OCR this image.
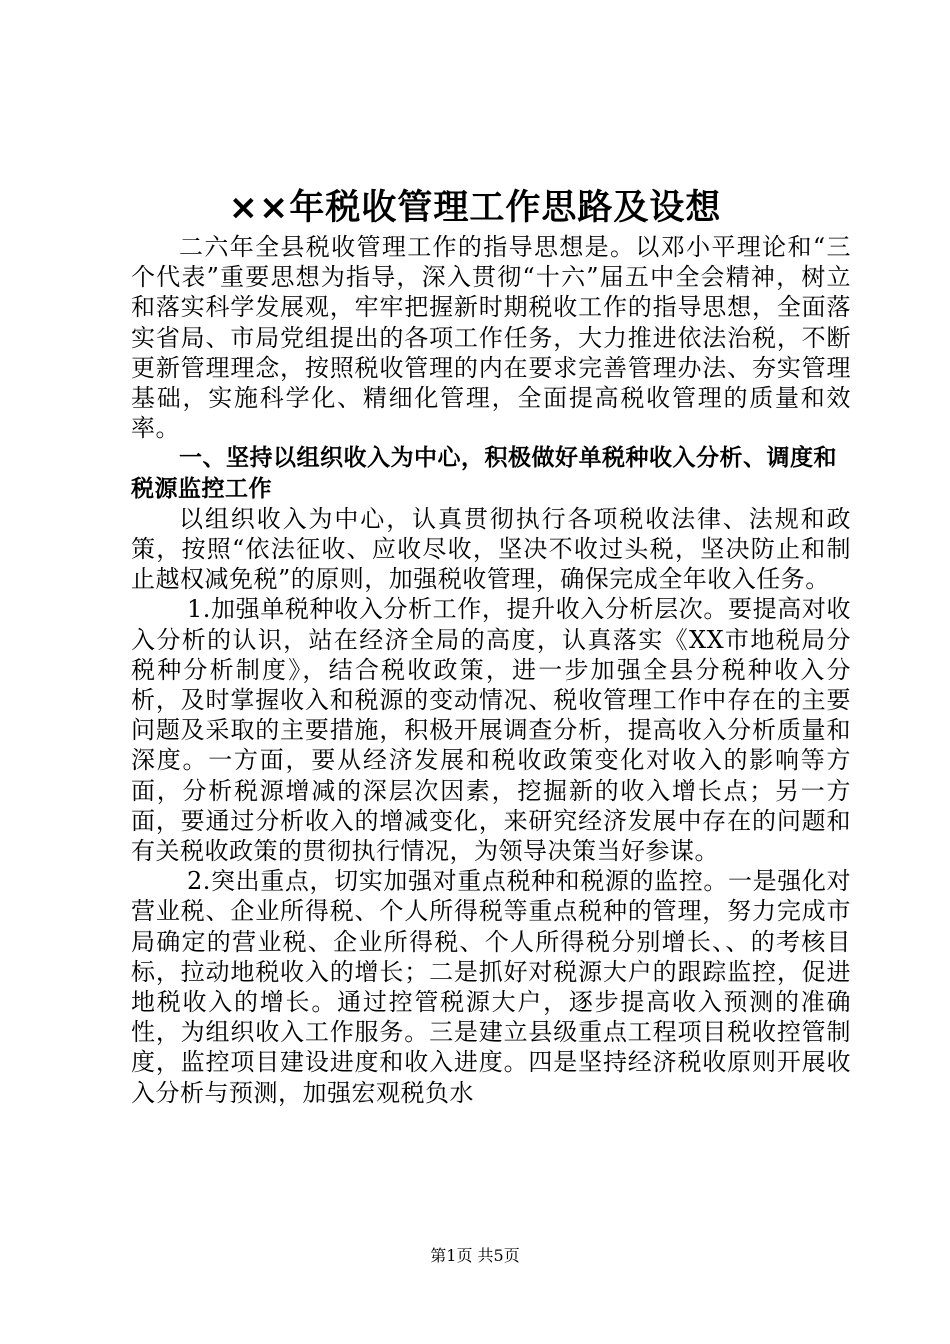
××年税收管理工作思路及设想

二六年全县税收管理工作的指导思想是。以邓小平理论和“三个代表”重要思想为指导，深入贯彻“十六”届五中全会精神，树立和落实科学发展观，牢牢把握新时期税收工作的指导思想，全面落实省局、市局党组提出的各项工作任务，大力推进依法治税，不断更新管理理念，按照税收管理的内在要求完善管理办法、夯实管理基础，实施科学化、精细化管理，全面提高税收管理的质量和效率。

一、坚持以组织收入为中心，积极做好单税种收入分析、调度和税源监控工作

以组织收入为中心，认真贯彻执行各项税收法律、法规和政策，按照“依法征收、应收尽收，坚决不收过头税，坚决防止和制止越权减免税”的原则，加强税收管理，确保完成全年收入任务。

1.加强单税种收入分析工作，提升收入分析层次。要提高对收入分析的认识，站在经济全局的高度，认真落实《XX市地税局分税种分析制度》，结合税收政策，进一步加强全县分税种收入分析，及时掌握收入和税源的变动情况、税收管理工作中存在的主要问题及采取的主要措施，积极开展调查分析，提高收入分析质量和深度。一方面，要从经济发展和税收政策变化对收入的影响等方面，分析税源增减的深层次因素，挖掘新的收入增长点；另一方面，要通过分析收入的增减变化，来研究经济发展中存在的问题和有关税收政策的贯彻执行情况，为领导决策当好参谋。

2.突出重点，切实加强对重点税种和税源的监控。一是强化对营业税、企业所得税、个人所得税等重点税种的管理，努力完成市局确定的营业税、企业所得税、个人所得税分别增长、、的考核目标，拉动地税收入的增长；二是抓好对税源大户的跟踪监控，促进地税收入的增长。通过控管税源大户，逐步提高收入预测的准确性，为组织收入工作服务。三是建立县级重点工程项目税收控管制度，监控项目建设进度和收入进度。四是坚持经济税收原则开展收入分析与预测，加强宏观税负水

第1页 共5页
